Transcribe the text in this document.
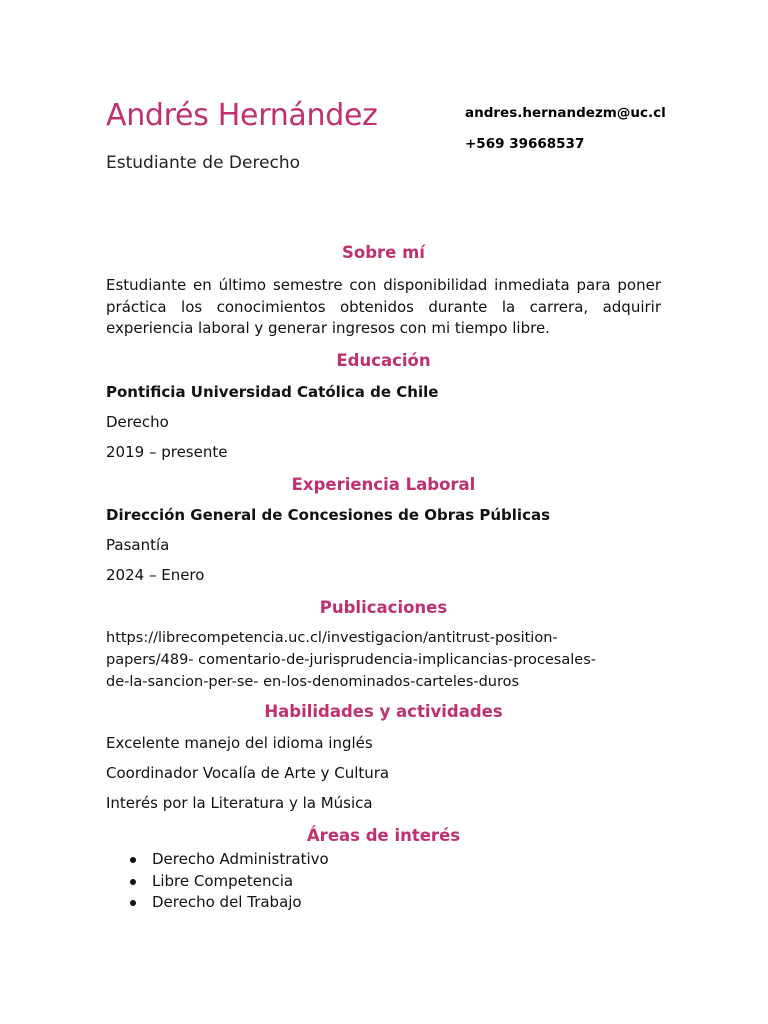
Andrés Hernández
Estudiante de Derecho
andres.hernandezm@uc.cl
+569 39668537
Sobre mí
Estudiante en último semestre con disponibilidad inmediata para poner práctica los conocimientos obtenidos durante la carrera, adquirir experiencia laboral y generar ingresos con mi tiempo libre.
Educación
Pontificia Universidad Católica de Chile
Derecho
2019 – presente
Experiencia Laboral
Dirección General de Concesiones de Obras Públicas
Pasantía
2024 – Enero
Publicaciones
https://librecompetencia.uc.cl/investigacion/antitrust-position-
papers/489- comentario-de-jurisprudencia-implicancias-procesales-
de-la-sancion-per-se- en-los-denominados-carteles-duros
Habilidades y actividades
Excelente manejo del idioma inglés
Coordinador Vocalía de Arte y Cultura
Interés por la Literatura y la Música
Áreas de interés
Derecho Administrativo
Libre Competencia
Derecho del Trabajo
